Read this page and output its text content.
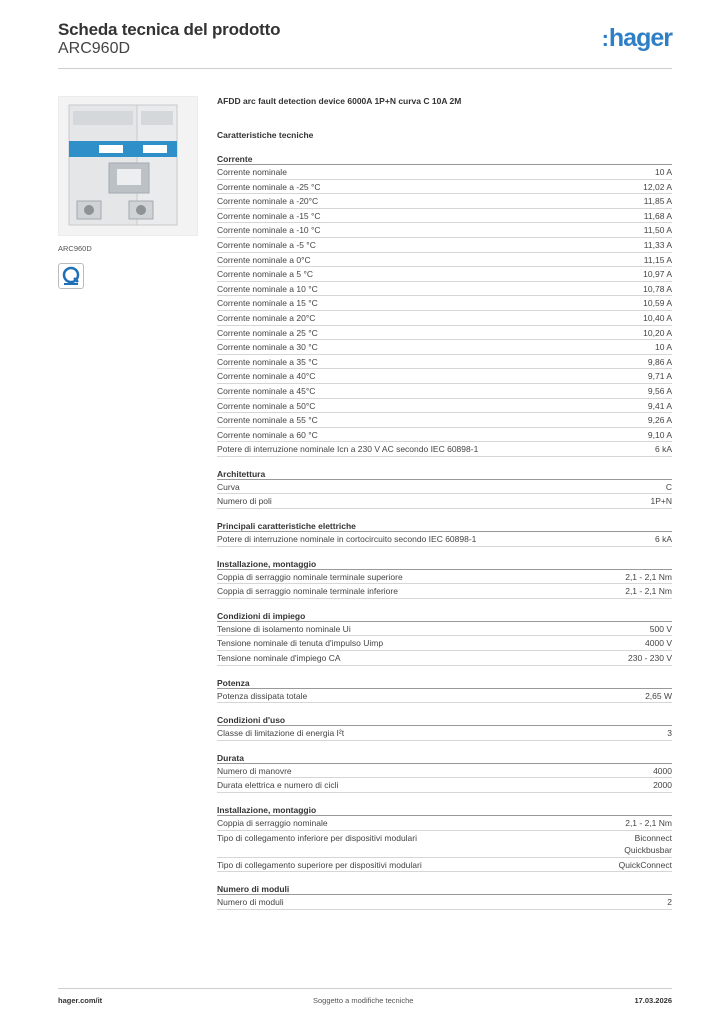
Scheda tecnica del prodotto
ARC960D	:hager
ARC960D
AFDD arc fault detection device 6000A 1P+N curva C 10A 2M
Caratteristiche tecniche
Corrente
Corrente nominale	10 A
Corrente nominale a -25 °C	12,02 A
Corrente nominale a -20°C	11,85 A
Corrente nominale a -15 °C	11,68 A
Corrente nominale a -10 °C	11,50 A
Corrente nominale a -5 °C	11,33 A
Corrente nominale a 0°C	11,15 A
Corrente nominale a 5 °C	10,97 A
Corrente nominale a 10 °C	10,78 A
Corrente nominale a 15 °C	10,59 A
Corrente nominale a 20°C	10,40 A
Corrente nominale a 25 °C	10,20 A
Corrente nominale a 30 °C	10 A
Corrente nominale a 35 °C	9,86 A
Corrente nominale a 40°C	9,71 A
Corrente nominale a 45°C	9,56 A
Corrente nominale a 50°C	9,41 A
Corrente nominale a 55 °C	9,26 A
Corrente nominale a 60 °C	9,10 A
Potere di interruzione nominale Icn a 230 V AC secondo IEC 60898-1	6 kA
Architettura
Curva	C
Numero di poli	1P+N
Principali caratteristiche elettriche
Potere di interruzione nominale in cortocircuito secondo IEC 60898-1	6 kA
Installazione, montaggio
Coppia di serraggio nominale terminale superiore	2,1 - 2,1 Nm
Coppia di serraggio nominale terminale inferiore	2,1 - 2,1 Nm
Condizioni di impiego
Tensione di isolamento nominale Ui	500 V
Tensione nominale di tenuta d'impulso Uimp	4000 V
Tensione nominale d'impiego CA	230 - 230 V
Potenza
Potenza dissipata totale	2,65 W
Condizioni d'uso
Classe di limitazione di energia I²t	3
Durata
Numero di manovre	4000
Durata elettrica e numero di cicli	2000
Installazione, montaggio
Coppia di serraggio nominale	2,1 - 2,1 Nm
Tipo di collegamento inferiore per dispositivi modulari	Biconnect
Quickbusbar
Tipo di collegamento superiore per dispositivi modulari	QuickConnect
Numero di moduli
Numero di moduli	2
hager.com/it	Soggetto a modifiche tecniche	17.03.2026
